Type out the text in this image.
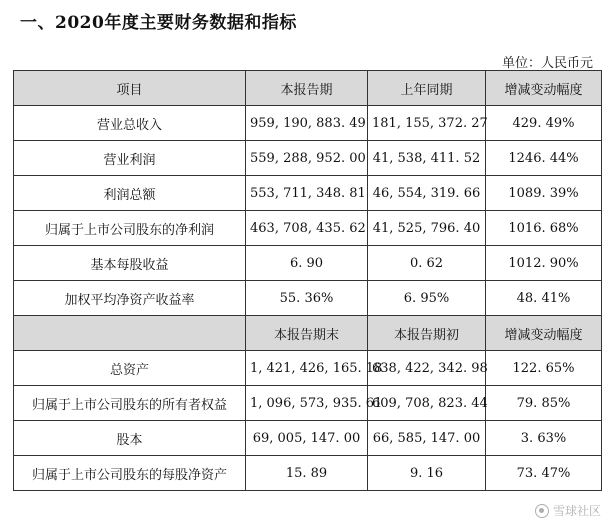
一、2020年度主要财务数据和指标
单位：人民币元
项目	本报告期	上年同期	增减变动幅度
营业总收入	959, 190, 883. 49	181, 155, 372. 27	429. 49%
营业利润	559, 288, 952. 00	41, 538, 411. 52	1246. 44%
利润总额	553, 711, 348. 81	46, 554, 319. 66	1089. 39%
归属于上市公司股东的净利润	463, 708, 435. 62	41, 525, 796. 40	1016. 68%
基本每股收益	6. 90	0. 62	1012. 90%
加权平均净资产收益率	55. 36%	6. 95%	48. 41%
	本报告期末	本报告期初	增减变动幅度
总资产	1, 421, 426, 165. 18	638, 422, 342. 98	122. 65%
归属于上市公司股东的所有者权益	1, 096, 573, 935. 61	609, 708, 823. 44	79. 85%
股本	69, 005, 147. 00	66, 585, 147. 00	3. 63%
归属于上市公司股东的每股净资产	15. 89	9. 16	73. 47%
雪球社区
